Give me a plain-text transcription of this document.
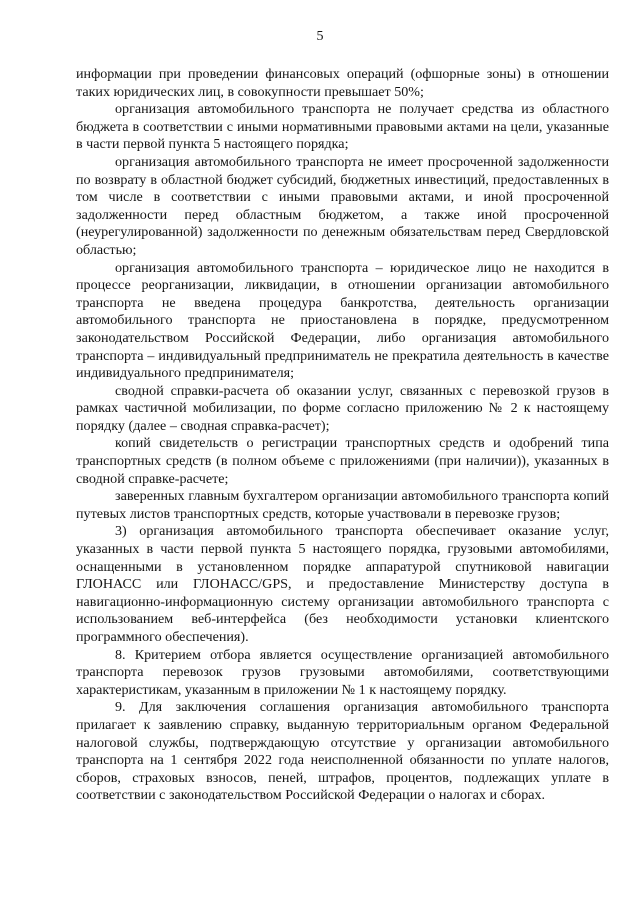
5

информации при проведении финансовых операций (офшорные зоны) в отношении таких юридических лиц, в совокупности превышает 50%;

организация автомобильного транспорта не получает средства из областного бюджета в соответствии с иными нормативными правовыми актами на цели, указанные в части первой пункта 5 настоящего порядка;

организация автомобильного транспорта не имеет просроченной задолженности по возврату в областной бюджет субсидий, бюджетных инвестиций, предоставленных в том числе в соответствии с иными правовыми актами, и иной просроченной задолженности перед областным бюджетом, а также иной просроченной (неурегулированной) задолженности по денежным обязательствам перед Свердловской областью;

организация автомобильного транспорта – юридическое лицо не находится в процессе реорганизации, ликвидации, в отношении организации автомобильного транспорта не введена процедура банкротства, деятельность организации автомобильного транспорта не приостановлена в порядке, предусмотренном законодательством Российской Федерации, либо организация автомобильного транспорта – индивидуальный предприниматель не прекратила деятельность в качестве индивидуального предпринимателя;

сводной справки-расчета об оказании услуг, связанных с перевозкой грузов в рамках частичной мобилизации, по форме согласно приложению № 2 к настоящему порядку (далее – сводная справка-расчет);

копий свидетельств о регистрации транспортных средств и одобрений типа транспортных средств (в полном объеме с приложениями (при наличии)), указанных в сводной справке-расчете;

заверенных главным бухгалтером организации автомобильного транспорта копий путевых листов транспортных средств, которые участвовали в перевозке грузов;

3) организация автомобильного транспорта обеспечивает оказание услуг, указанных в части первой пункта 5 настоящего порядка, грузовыми автомобилями, оснащенными в установленном порядке аппаратурой спутниковой навигации ГЛОНАСС или ГЛОНАСС/GPS, и предоставление Министерству доступа в навигационно-информационную систему организации автомобильного транспорта с использованием веб-интерфейса (без необходимости установки клиентского программного обеспечения).

8. Критерием отбора является осуществление организацией автомобильного транспорта перевозок грузов грузовыми автомобилями, соответствующими характеристикам, указанным в приложении № 1 к настоящему порядку.

9. Для заключения соглашения организация автомобильного транспорта прилагает к заявлению справку, выданную территориальным органом Федеральной налоговой службы, подтверждающую отсутствие у организации автомобильного транспорта на 1 сентября 2022 года неисполненной обязанности по уплате налогов, сборов, страховых взносов, пеней, штрафов, процентов, подлежащих уплате в соответствии с законодательством Российской Федерации о налогах и сборах.
